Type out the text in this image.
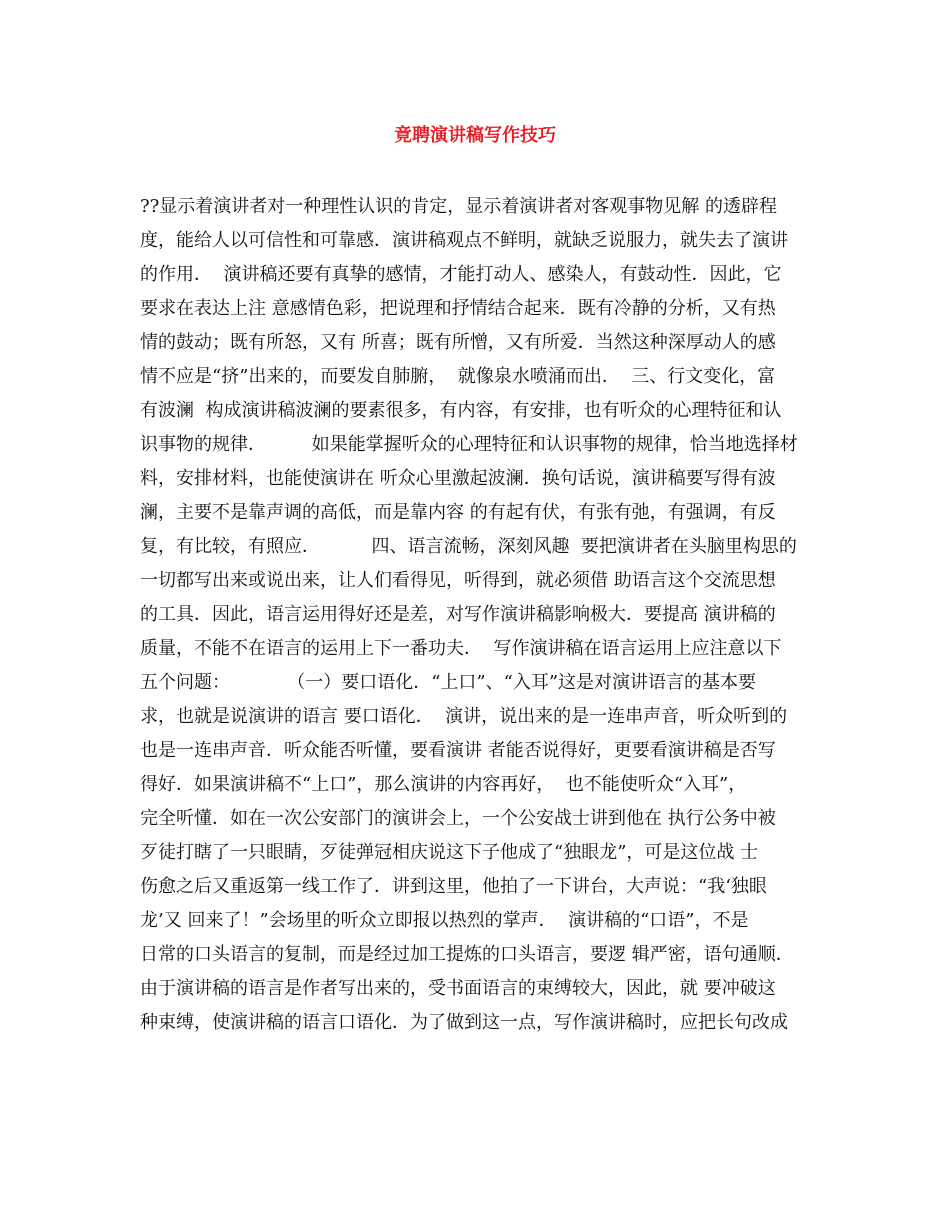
竟聘演讲稿写作技巧
??显示着演讲者对一种理性认识的肯定，显示着演讲者对客观事物见解 的透辟程
度，能给人以可信性和可靠感．演讲稿观点不鲜明，就缺乏说服力，就失去了演讲
的作用．  演讲稿还要有真挚的感情，才能打动人、感染人，有鼓动性．因此，它
要求在表达上注 意感情色彩，把说理和抒情结合起来．既有冷静的分析，又有热
情的鼓动；既有所怒，又有 所喜；既有所憎，又有所爱．当然这种深厚动人的感
情不应是“挤”出来的，而要发自肺腑，  就像泉水喷涌而出．  三、行文变化，富
有波澜  构成演讲稿波澜的要素很多，有内容，有安排，也有听众的心理特征和认
识事物的规律．        如果能掌握听众的心理特征和认识事物的规律，恰当地选择材
料，安排材料，也能使演讲在 听众心里激起波澜．换句话说，演讲稿要写得有波
澜，主要不是靠声调的高低，而是靠内容 的有起有伏，有张有弛，有强调，有反
复，有比较，有照应．         四、语言流畅，深刻风趣  要把演讲者在头脑里构思的
一切都写出来或说出来，让人们看得见，听得到，就必须借 助语言这个交流思想
的工具．因此，语言运用得好还是差，对写作演讲稿影响极大．要提高 演讲稿的
质量，不能不在语言的运用上下一番功夫．  写作演讲稿在语言运用上应注意以下
五个问题：          （一）要口语化．“上口”、“入耳”这是对演讲语言的基本要
求，也就是说演讲的语言 要口语化．  演讲，说出来的是一连串声音，听众听到的
也是一连串声音．听众能否听懂，要看演讲 者能否说得好，更要看演讲稿是否写
得好．如果演讲稿不“上口”，那么演讲的内容再好，  也不能使听众“入耳”，
完全听懂．如在一次公安部门的演讲会上，一个公安战士讲到他在 执行公务中被
歹徒打瞎了一只眼睛，歹徒弹冠相庆说这下子他成了“独眼龙”，可是这位战 士
伤愈之后又重返第一线工作了．讲到这里，他拍了一下讲台，大声说：“我‘独眼
龙’又 回来了！”会场里的听众立即报以热烈的掌声．  演讲稿的“口语”，不是
日常的口头语言的复制，而是经过加工提炼的口头语言，要逻 辑严密，语句通顺．
由于演讲稿的语言是作者写出来的，受书面语言的束缚较大，因此，就 要冲破这
种束缚，使演讲稿的语言口语化．为了做到这一点，写作演讲稿时，应把长句改成
